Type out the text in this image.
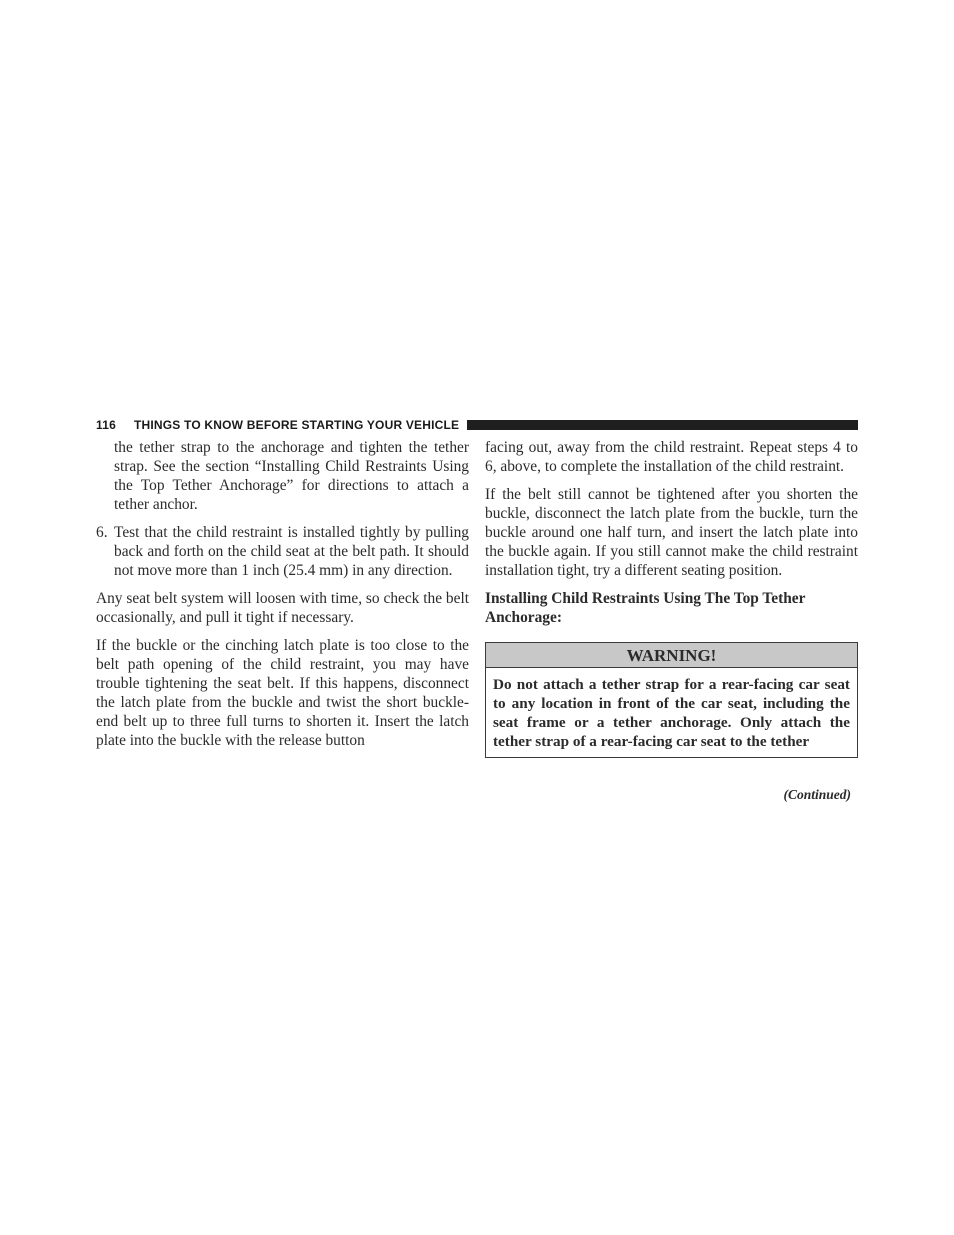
116	THINGS TO KNOW BEFORE STARTING YOUR VEHICLE

the tether strap to the anchorage and tighten the tether strap. See the section “Installing Child Restraints Using the Top Tether Anchorage” for directions to attach a tether anchor.

6. Test that the child restraint is installed tightly by pulling back and forth on the child seat at the belt path. It should not move more than 1 inch (25.4 mm) in any direction.

Any seat belt system will loosen with time, so check the belt occasionally, and pull it tight if necessary.

If the buckle or the cinching latch plate is too close to the belt path opening of the child restraint, you may have trouble tightening the seat belt. If this happens, disconnect the latch plate from the buckle and twist the short buckle-end belt up to three full turns to shorten it. Insert the latch plate into the buckle with the release button

facing out, away from the child restraint. Repeat steps 4 to 6, above, to complete the installation of the child restraint.

If the belt still cannot be tightened after you shorten the buckle, disconnect the latch plate from the buckle, turn the buckle around one half turn, and insert the latch plate into the buckle again. If you still cannot make the child restraint installation tight, try a different seating position.

Installing Child Restraints Using The Top Tether Anchorage:

WARNING!
Do not attach a tether strap for a rear-facing car seat to any location in front of the car seat, including the seat frame or a tether anchorage. Only attach the tether strap of a rear-facing car seat to the tether
(Continued)
